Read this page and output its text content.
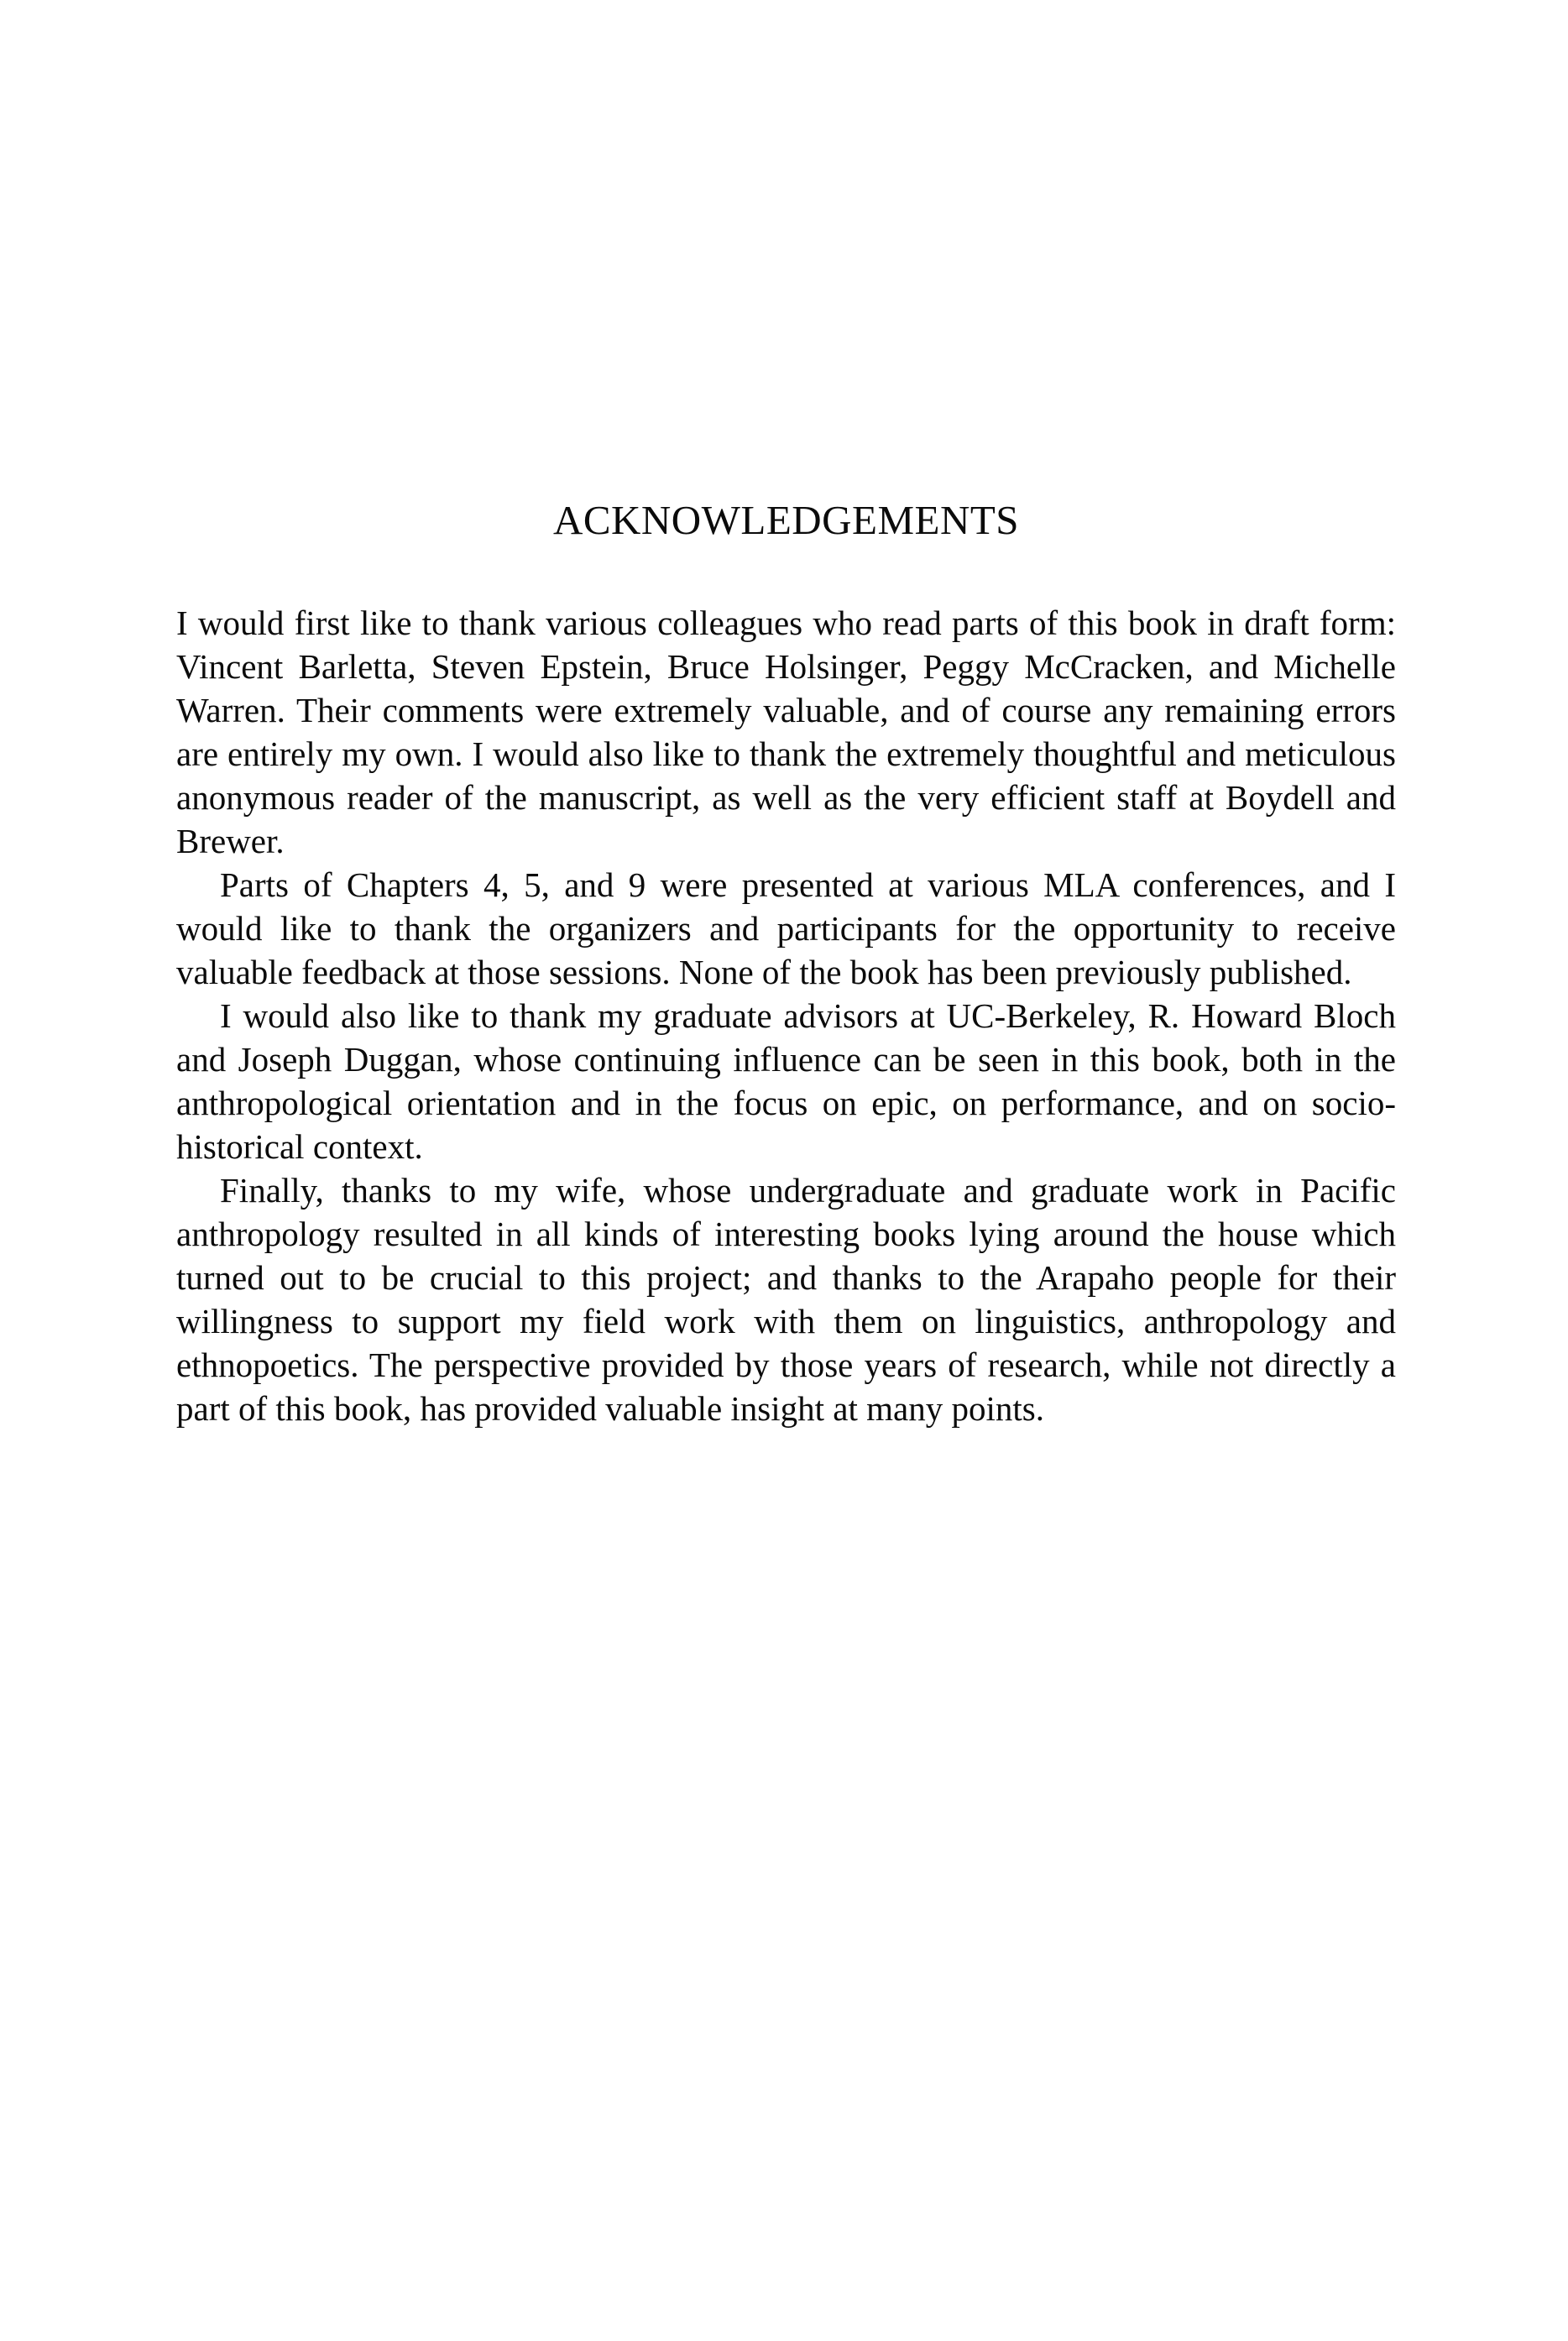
ACKNOWLEDGEMENTS

I would first like to thank various colleagues who read parts of this book in draft form: Vincent Barletta, Steven Epstein, Bruce Holsinger, Peggy McCracken, and Michelle Warren. Their comments were extremely valuable, and of course any remaining errors are entirely my own. I would also like to thank the extremely thoughtful and meticulous anonymous reader of the manuscript, as well as the very efficient staff at Boydell and Brewer.

Parts of Chapters 4, 5, and 9 were presented at various MLA conferences, and I would like to thank the organizers and participants for the opportunity to receive valuable feedback at those sessions. None of the book has been previously published.

I would also like to thank my graduate advisors at UC-Berkeley, R. Howard Bloch and Joseph Duggan, whose continuing influence can be seen in this book, both in the anthropological orientation and in the focus on epic, on performance, and on socio-historical context.

Finally, thanks to my wife, whose undergraduate and graduate work in Pacific anthropology resulted in all kinds of interesting books lying around the house which turned out to be crucial to this project; and thanks to the Arapaho people for their willingness to support my field work with them on linguistics, anthropology and ethnopoetics. The perspective provided by those years of research, while not directly a part of this book, has provided valuable insight at many points.
